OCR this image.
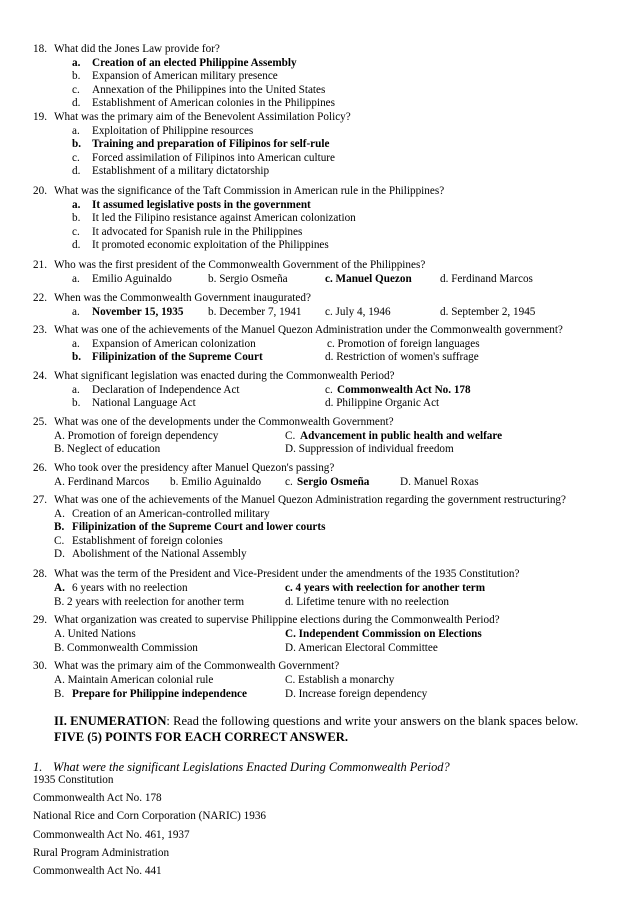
18. What did the Jones Law provide for?
a. Creation of an elected Philippine Assembly
b. Expansion of American military presence
c. Annexation of the Philippines into the United States
d. Establishment of American colonies in the Philippines
19. What was the primary aim of the Benevolent Assimilation Policy?
a. Exploitation of Philippine resources
b. Training and preparation of Filipinos for self-rule
c. Forced assimilation of Filipinos into American culture
d. Establishment of a military dictatorship
20. What was the significance of the Taft Commission in American rule in the Philippines?
a. It assumed legislative posts in the government
b. It led the Filipino resistance against American colonization
c. It advocated for Spanish rule in the Philippines
d. It promoted economic exploitation of the Philippines
21. Who was the first president of the Commonwealth Government of the Philippines?
a. Emilio Aguinaldo	b. Sergio Osmeña	c. Manuel Quezon	d. Ferdinand Marcos
22. When was the Commonwealth Government inaugurated?
a. November 15, 1935 b. December 7, 1941 c. July 4, 1946	d. September 2, 1945
23. What was one of the achievements of the Manuel Quezon Administration under the Commonwealth government?
a. Expansion of American colonization	c. Promotion of foreign languages
b. Filipinization of the Supreme Court	d. Restriction of women's suffrage
24. What significant legislation was enacted during the Commonwealth Period?
a. Declaration of Independence Act	c. Commonwealth Act No. 178
b. National Language Act	d. Philippine Organic Act
25. What was one of the developments under the Commonwealth Government?
A. Promotion of foreign dependency	C. Advancement in public health and welfare
B. Neglect of education	D. Suppression of individual freedom
26. Who took over the presidency after Manuel Quezon's passing?
A. Ferdinand Marcos b. Emilio Aguinaldo c. Sergio Osmeña	D. Manuel Roxas
27. What was one of the achievements of the Manuel Quezon Administration regarding the government restructuring?
A. Creation of an American-controlled military
B. Filipinization of the Supreme Court and lower courts
C. Establishment of foreign colonies
D. Abolishment of the National Assembly
28. What was the term of the President and Vice-President under the amendments of the 1935 Constitution?
A. 6 years with no reelection	c. 4 years with reelection for another term
B. 2 years with reelection for another term	d. Lifetime tenure with no reelection
29. What organization was created to supervise Philippine elections during the Commonwealth Period?
A. United Nations	C. Independent Commission on Elections
B. Commonwealth Commission	D. American Electoral Committee
30. What was the primary aim of the Commonwealth Government?
A. Maintain American colonial rule	C. Establish a monarchy
B. Prepare for Philippine independence	D. Increase foreign dependency
II. ENUMERATION: Read the following questions and write your answers on the blank spaces below.
FIVE (5) POINTS FOR EACH CORRECT ANSWER.
1. What were the significant Legislations Enacted During Commonwealth Period?
1935 Constitution
Commonwealth Act No. 178
National Rice and Corn Corporation (NARIC) 1936
Commonwealth Act No. 461, 1937
Rural Program Administration
Commonwealth Act No. 441
